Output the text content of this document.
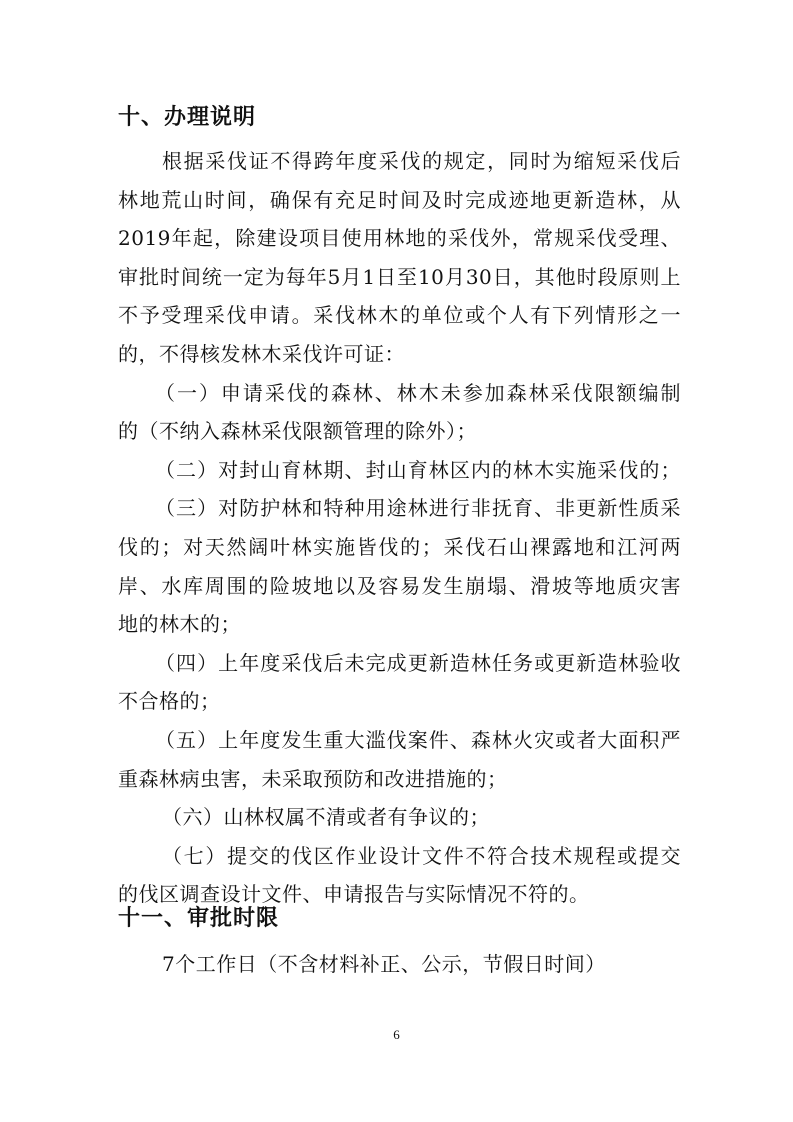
十、办理说明
根据采伐证不得跨年度采伐的规定，同时为缩短采伐后
林地荒山时间，确保有充足时间及时完成迹地更新造林，从
2019年起，除建设项目使用林地的采伐外，常规采伐受理、
审批时间统一定为每年5月1日至10月30日，其他时段原则上
不予受理采伐申请。采伐林木的单位或个人有下列情形之一
的，不得核发林木采伐许可证：
（一）申请采伐的森林、林木未参加森林采伐限额编制
的（不纳入森林采伐限额管理的除外）；
（二）对封山育林期、封山育林区内的林木实施采伐的；
（三）对防护林和特种用途林进行非抚育、非更新性质采
伐的；对天然阔叶林实施皆伐的；采伐石山裸露地和江河两
岸、水库周围的险坡地以及容易发生崩塌、滑坡等地质灾害
地的林木的；
（四）上年度采伐后未完成更新造林任务或更新造林验收
不合格的；
（五）上年度发生重大滥伐案件、森林火灾或者大面积严
重森林病虫害，未采取预防和改进措施的；
（六）山林权属不清或者有争议的；
（七）提交的伐区作业设计文件不符合技术规程或提交
的伐区调查设计文件、申请报告与实际情况不符的。
十一、审批时限
7个工作日（不含材料补正、公示，节假日时间）
6
